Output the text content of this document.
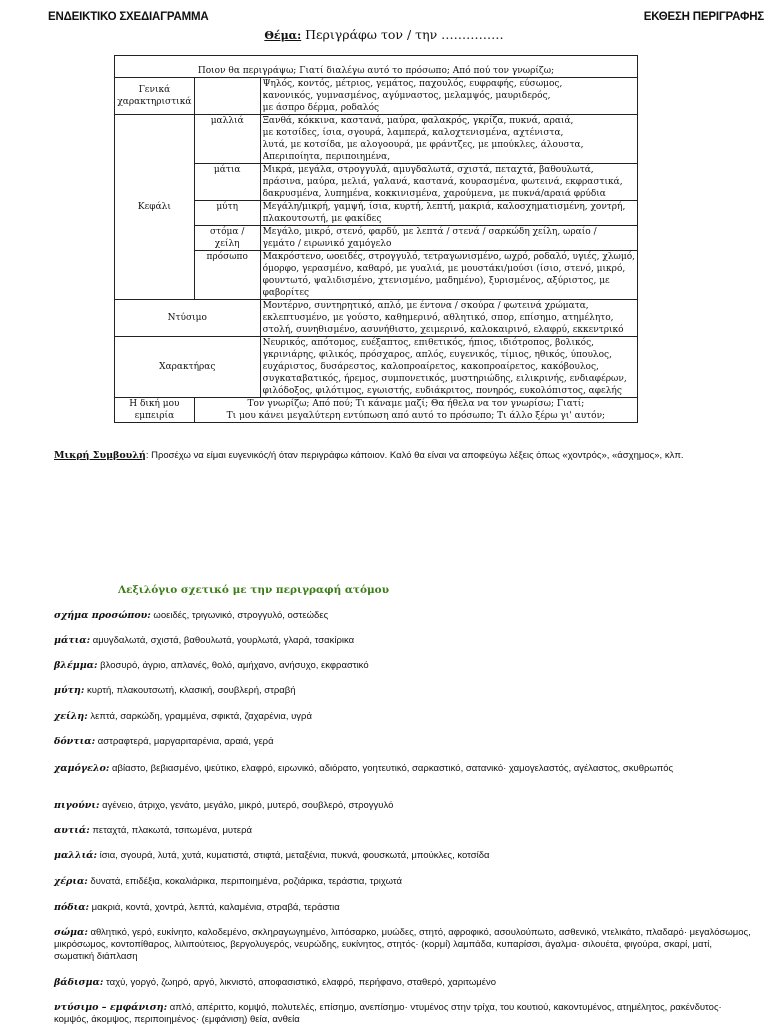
ΕΝΔΕΙΚΤΙΚΟ ΣΧΕΔΙΑΓΡΑΜΜΑ	ΕΚΘΕΣΗ ΠΕΡΙΓΡΑΦΗΣ
Θέμα: Περιγράφω τον / την ……………
Ποιον θα περιγράψω; Γιατί διαλέγω αυτό το πρόσωπο; Από πού τον γνωρίζω;		
Γενικά χαρακτηριστικά		Ψηλός, κοντός, μέτριος, γεμάτος, παχουλός, ευφραφής, εύσωμος,
κανονικός, γυμνασμένος, αγύμναστος, μελαμψός, μαυριδερός,
με άσπρο δέρμα, ροδαλός

Κεφάλι	μαλλιά	Ξανθά, κόκκινα, καστανά, μαύρα, φαλακρός, γκρίζα, πυκνά, αραιά,
με κοτσίδες, ίσια, σγουρά, λαμπερά, καλοχτενισμένα, αχτένιστα,
λυτά, με κοτσίδα, με αλογοουρά, με φράντζες, με μπούκλες, άλουστα,
Απεριποίητα, περιποιημένα,

	μάτια	Μικρά, μεγάλα, στρογγυλά, αμυγδαλωτά, σχιστά, πεταχτά, βαθουλωτά,
πράσινα, μαύρα, μελιά, γαλανά, καστανά, κουρασμένα, φωτεινά, εκφραστικά,
δακρυσμένα, λυπημένα, κοκκινισμένα, χαρούμενα, με πυκνά/αραιά φρύδια

	μύτη	Μεγάλη/μικρή, γαμψή, ίσια, κυρτή, λεπτή, μακριά, καλοσχηματισμένη, χοντρή,
πλακουτσωτή, με φακίδες

	στόμα / χείλη	Μεγάλο, μικρό, στενό, φαρδύ, με λεπτά / στενά / σαρκώδη χείλη, ωραίο /
γεμάτο / ειρωνικό χαμόγελο

	πρόσωπο	Μακρόστενο, ωοειδές, στρογγυλό, τετραγωνισμένο, ωχρό, ροδαλό, υγιές, χλωμό,
όμορφο, γερασμένο, καθαρό, με γυαλιά, με μουστάκι/μούσι (ίσιο, στενό, μικρό,
φουντωτό, ψαλιδισμένο, χτενισμένο, μαδημένο), ξυρισμένος, αξύριστος, με
φαβορίτες

Ντύσιμο		Μοντέρνο, συντηρητικό, απλό, με έντονα / σκούρα / φωτεινά χρώματα,
εκλεπτυσμένο, με γούστο, καθημερινό, αθλητικό, σπορ, επίσημο, ατημέλητο,
στολή, συνηθισμένο, ασυνήθιστο, χειμερινό, καλοκαιρινό, ελαφρύ, εκκεντρικό

Χαρακτήρας		Νευρικός, απότομος, ευέξαπτος, επιθετικός, ήπιος, ιδιότροπος, βολικός,
γκρινιάρης, φιλικός, πρόσχαρος, απλός, ευγενικός, τίμιος, ηθικός, ύπουλος,
ευχάριστος, δυσάρεστος, καλοπροαίρετος, κακοπροαίρετος, κακόβουλος,
συγκαταβατικός, ήρεμος, συμπονετικός, μυστηριώδης, ειλικρινής, ενδιαφέρων,
φιλόδοξος, φιλότιμος, εγωιστής, ευδιάκριτος, πονηρός, ευκολόπιστος, αφελής

Η δική μου εμπειρία	Τον γνωρίζω; Από πού; Τι κάναμε μαζί; Θα ήθελα να τον γνωρίσω; Γιατί;
Τι μου κάνει μεγαλύτερη εντύπωση από αυτό το πρόσωπο; Τι άλλο ξέρω γι' αυτόν;	
Μικρή Συμβουλή: Προσέχω να είμαι ευγενικός/ή όταν περιγράφω κάποιον. Καλό θα είναι να αποφεύγω λέξεις όπως «χοντρός», «άσχημος», κλπ.
Λεξιλόγιο σχετικό με την περιγραφή ατόμου
σχήμα προσώπου: ωοειδές, τριγωνικό, στρογγυλό, οστεώδες
μάτια: αμυγδαλωτά, σχιστά, βαθουλωτά, γουρλωτά, γλαρά, τσακίρικα
βλέμμα: βλοσυρό, άγριο, απλανές, θολό, αμήχανο, ανήσυχο, εκφραστικό
μύτη: κυρτή, πλακουτσωτή, κλασική, σουβλερή, στραβή
χείλη: λεπτά, σαρκώδη, γραμμένα, σφικτά, ζαχαρένια, υγρά
δόντια: αστραφτερά, μαργαριταρένια, αραιά, γερά
χαμόγελο: αβίαστο, βεβιασμένο, ψεύτικο, ελαφρό, ειρωνικό, αδιόρατο, γοητευτικό, σαρκαστικό, σατανικό· χαμογελαστός, αγέλαστος, σκυθρωπός
πιγούνι: αγένειο, άτριχο, γενάτο, μεγάλο, μικρό, μυτερό, σουβλερό, στρογγυλό
αυτιά: πεταχτά, πλακωτά, τσιτωμένα, μυτερά
μαλλιά: ίσια, σγουρά, λυτά, χυτά, κυματιστά, στιφτά, μεταξένια, πυκνά, φουσκωτά, μπούκλες, κοτσίδα
χέρια: δυνατά, επιδέξια, κοκαλιάρικα, περιποιημένα, ροζιάρικα, τεράστια, τριχωτά
πόδια: μακριά, κοντά, χοντρά, λεπτά, καλαμένια, στραβά, τεράστια
σώμα: αθλητικό, γερό, ευκίνητο, καλοδεμένο, σκληραγωγημένο, λιπόσαρκο, μυώδες, στητό, αφροφικό, ασουλούπωτο, ασθενικό, ντελικάτο, πλαδαρό· μεγαλόσωμος, μικρόσωμος, κοντοπίθαρος, λιλιπούτειος, βεργολυγερός, νευρώδης, ευκίνητος, στητός· (κορμί) λαμπάδα, κυπαρίσσι, άγαλμα· σιλουέτα, φιγούρα, σκαρί, ματί, σωματική διάπλαση
βάδισμα: ταχύ, γοργό, ζωηρό, αργό, λικνιστό, αποφασιστικό, ελαφρό, περήφανο, σταθερό, χαριτωμένο
ντύσιμο – εμφάνιση: απλό, απέριττο, κομψό, πολυτελές, επίσημο, ανεπίσημο· ντυμένος στην τρίχα, του κουτιού, κακοντυμένος, ατημέλητος, ρακένδυτος· κομψός, άκομψος, περιποιημένος· (εμφάνιση) θεία, ανθεία
